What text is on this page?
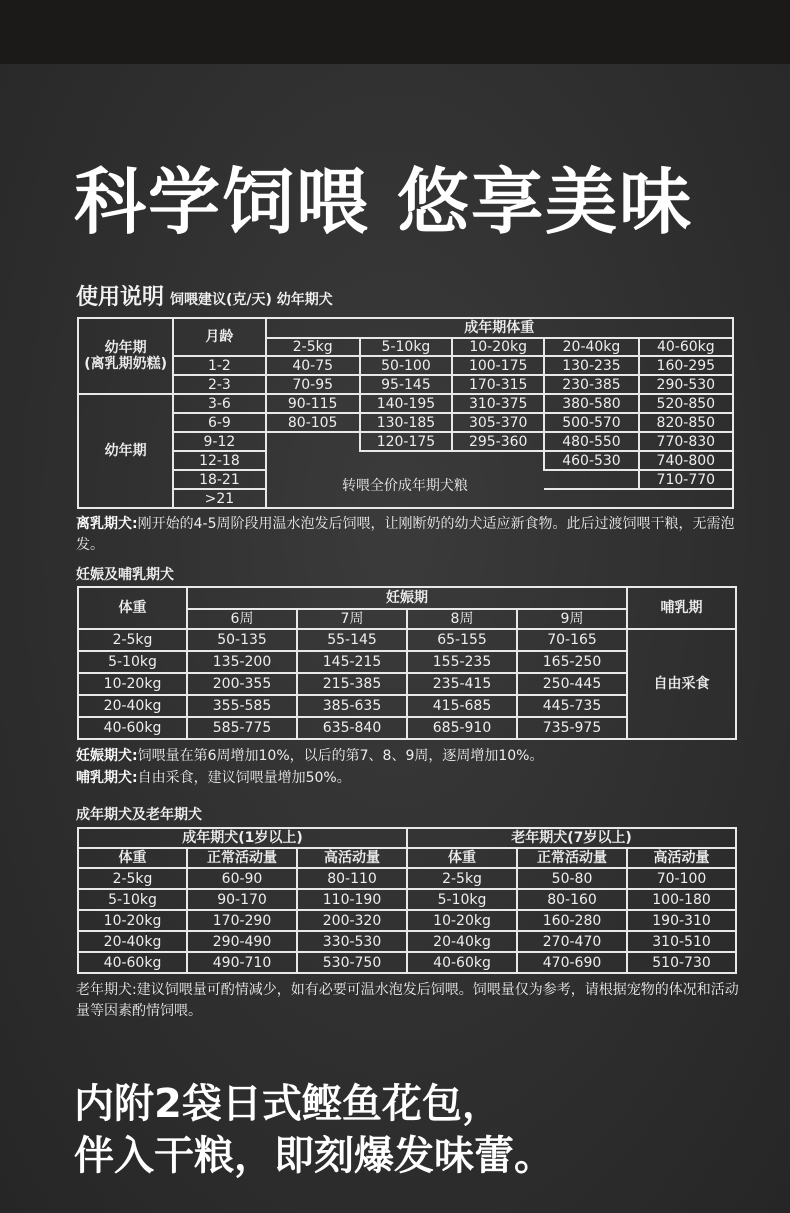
科学饲喂 悠享美味
使用说明 饲喂建议(克/天) 幼年期犬
幼年期
(离乳期奶糕)	月龄	成年期体重				
		2-5kg	5-10kg	10-20kg	20-40kg	40-60kg
	1-2	40-75	50-100	100-175	130-235	160-295
	2-3	70-95	95-145	170-315	230-385	290-530
幼年期	3-6	90-115	140-195	310-375	380-580	520-850
	6-9	80-105	130-185	305-370	500-570	820-850
	9-12		120-175	295-360	480-550	770-830
	12-18	转喂全价成年期犬粮			460-530	740-800
	18-21					710-770
	>21					
离乳期犬:刚开始的4-5周阶段用温水泡发后饲喂，让刚断奶的幼犬适应新食物。此后过渡饲喂干粮，无需泡发。
妊娠及哺乳期犬
体重	妊娠期				哺乳期
	6周	7周	8周	9周	
2-5kg	50-135	55-145	65-155	70-165	自由采食
5-10kg	135-200	145-215	155-235	165-250	
10-20kg	200-355	215-385	235-415	250-445	
20-40kg	355-585	385-635	415-685	445-735	
40-60kg	585-775	635-840	685-910	735-975	
妊娠期犬:饲喂量在第6周增加10%，以后的第7、8、9周，逐周增加10%。
哺乳期犬:自由采食，建议饲喂量增加50%。
成年期犬及老年期犬
成年期犬(1岁以上)			老年期犬(7岁以上)		
体重	正常活动量	高活动量	体重	正常活动量	高活动量
2-5kg	60-90	80-110	2-5kg	50-80	70-100
5-10kg	90-170	110-190	5-10kg	80-160	100-180
10-20kg	170-290	200-320	10-20kg	160-280	190-310
20-40kg	290-490	330-530	20-40kg	270-470	310-510
40-60kg	490-710	530-750	40-60kg	470-690	510-730
老年期犬:建议饲喂量可酌情减少，如有必要可温水泡发后饲喂。饲喂量仅为参考，请根据宠物的体况和活动量等因素酌情饲喂。
内附2袋日式鲣鱼花包，
伴入干粮，即刻爆发味蕾。
